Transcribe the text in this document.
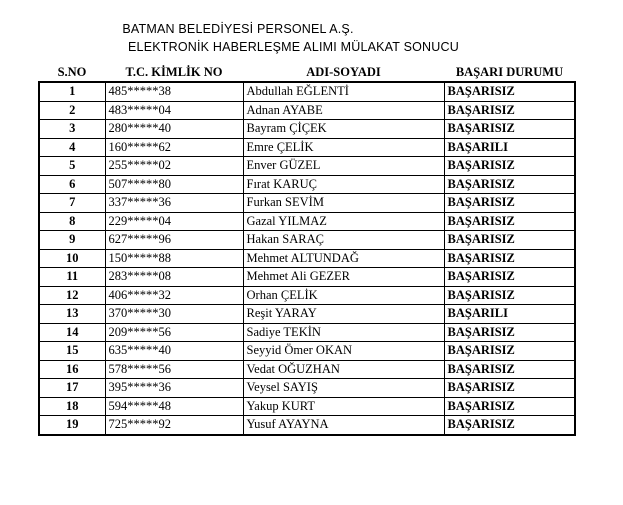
BATMAN BELEDİYESİ PERSONEL A.Ş.
ELEKTRONİK HABERLEŞME ALIMI MÜLAKAT SONUCU
S.NO	T.C. KİMLİK NO	ADI-SOYADI	BAŞARI DURUMU
1	485*****38	Abdullah EĞLENTİ	BAŞARISIZ
2	483*****04	Adnan AYABE	BAŞARISIZ
3	280*****40	Bayram ÇİÇEK	BAŞARISIZ
4	160*****62	Emre ÇELİK	BAŞARILI
5	255*****02	Enver GÜZEL	BAŞARISIZ
6	507*****80	Fırat KARUÇ	BAŞARISIZ
7	337*****36	Furkan SEVİM	BAŞARISIZ
8	229*****04	Gazal YILMAZ	BAŞARISIZ
9	627*****96	Hakan SARAÇ	BAŞARISIZ
10	150*****88	Mehmet ALTUNDAĞ	BAŞARISIZ
11	283*****08	Mehmet Ali GEZER	BAŞARISIZ
12	406*****32	Orhan ÇELİK	BAŞARISIZ
13	370*****30	Reşit YARAY	BAŞARILI
14	209*****56	Sadiye TEKİN	BAŞARISIZ
15	635*****40	Seyyid Ömer OKAN	BAŞARISIZ
16	578*****56	Vedat OĞUZHAN	BAŞARISIZ
17	395*****36	Veysel SAYIŞ	BAŞARISIZ
18	594*****48	Yakup KURT	BAŞARISIZ
19	725*****92	Yusuf AYAYNA	BAŞARISIZ
